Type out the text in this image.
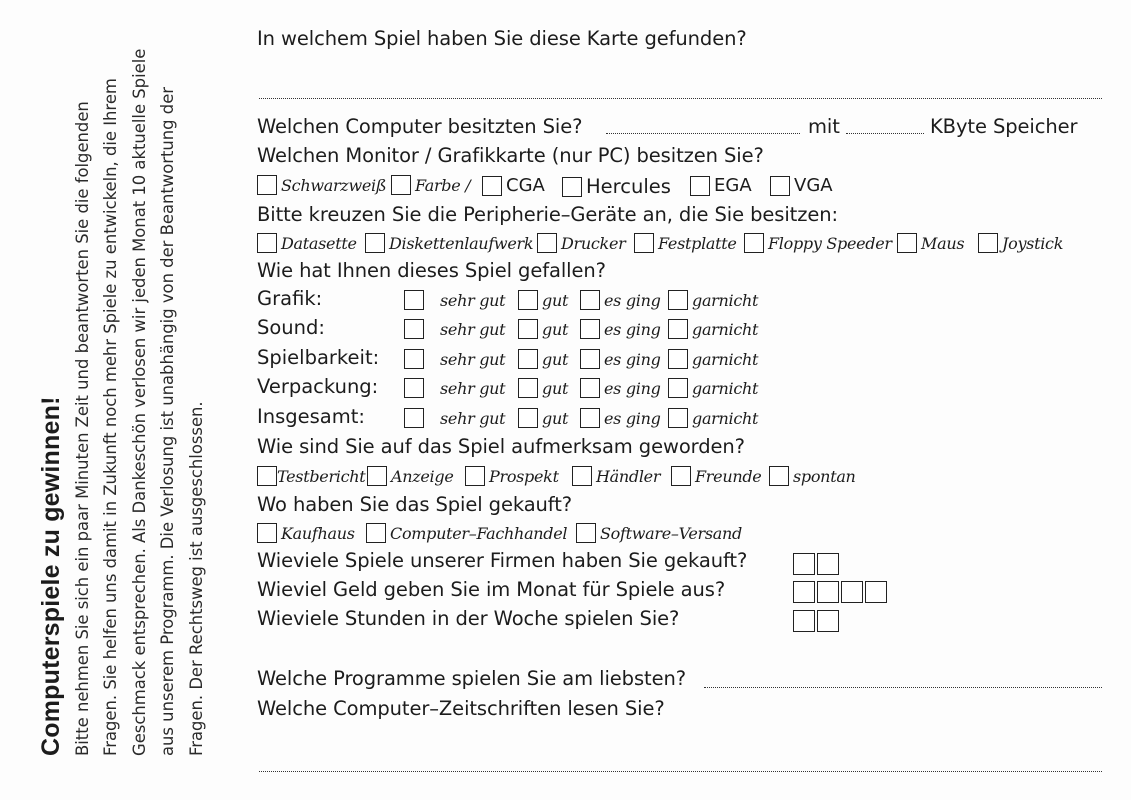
Computerspiele zu gewinnen! Bitte nehmen Sie sich ein paar Minuten Zeit und beantworten Sie die folgenden Fragen. Sie helfen uns damit in Zukunft noch mehr Spiele zu entwickeln, die Ihrem Geschmack entsprechen. Als Dankeschön verlosen wir jeden Monat 10 aktuelle Spiele aus unserem Programm. Die Verlosung ist unabhängig von der Beantwortung der Fragen. Der Rechtsweg ist ausgeschlossen.

In welchem Spiel haben Sie diese Karte gefunden?
Welchen Computer besitzten Sie?	mit	KByte Speicher
Welchen Monitor / Grafikkarte (nur PC) besitzen Sie?
Schwarzweiß Farbe / CGA Hercules EGA VGA
Bitte kreuzen Sie die Peripherie–Geräte an, die Sie besitzen:
Datasette Diskettenlaufwerk Drucker Festplatte Floppy Speeder Maus Joystick
Wie hat Ihnen dieses Spiel gefallen?
Grafik:	sehr gut gut es ging garnicht
Sound:	sehr gut gut es ging garnicht
Spielbarkeit:	sehr gut gut es ging garnicht
Verpackung:	sehr gut gut es ging garnicht
Insgesamt:	sehr gut gut es ging garnicht
Wie sind Sie auf das Spiel aufmerksam geworden?
Testbericht Anzeige Prospekt Händler Freunde spontan
Wo haben Sie das Spiel gekauft?
Kaufhaus Computer–Fachhandel Software–Versand
Wieviele Spiele unserer Firmen haben Sie gekauft?
Wieviel Geld geben Sie im Monat für Spiele aus?
Wieviele Stunden in der Woche spielen Sie?
Welche Programme spielen Sie am liebsten?
Welche Computer–Zeitschriften lesen Sie?
